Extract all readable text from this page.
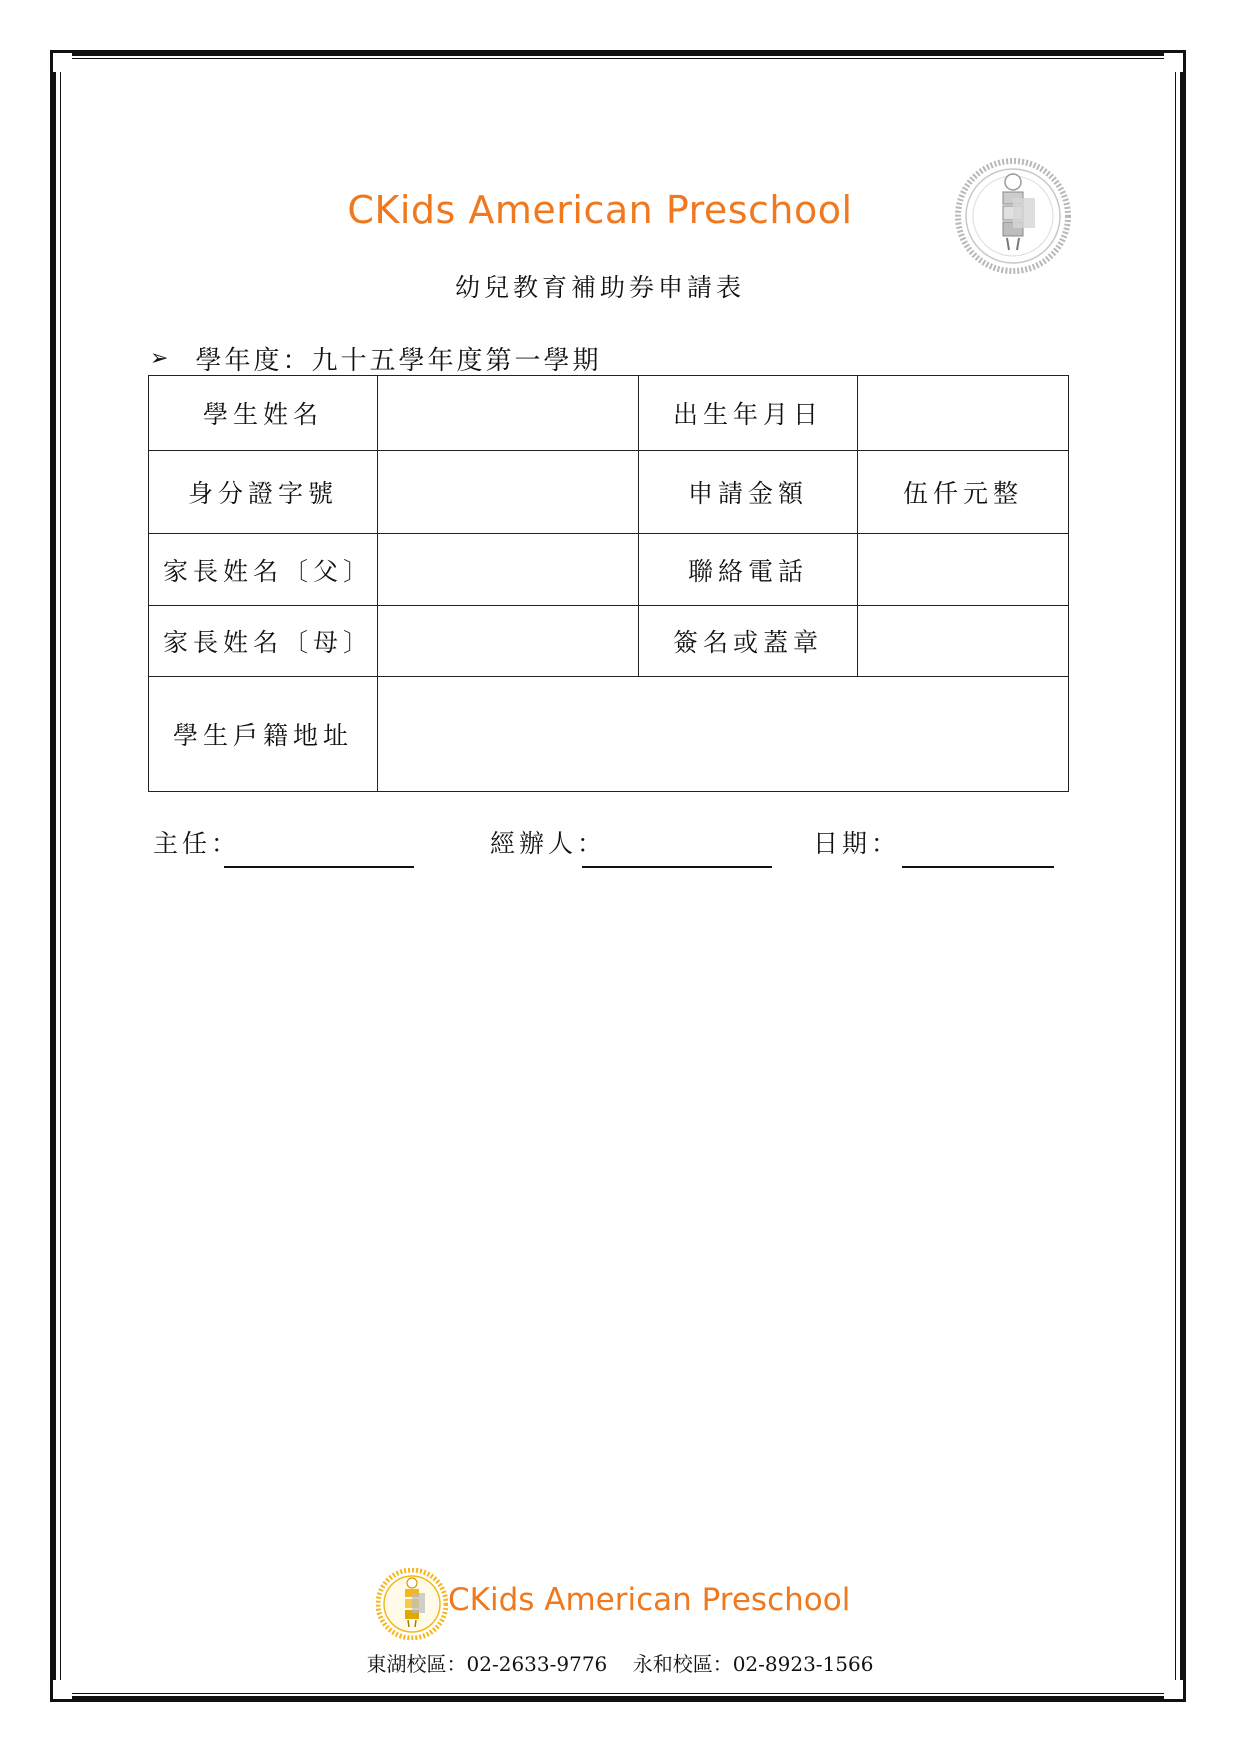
CKids American Preschool
幼兒教育補助券申請表
➢ 學年度：九十五學年度第一學期
學生姓名		出生年月日	
身分證字號		申請金額	伍仟元整
家長姓名〔父〕		聯絡電話	
家長姓名〔母〕		簽名或蓋章	
學生戶籍地址			
主任：	經辦人：	日期：
CKids American Preschool
東湖校區：02-2633-9776    永和校區：02-8923-1566
